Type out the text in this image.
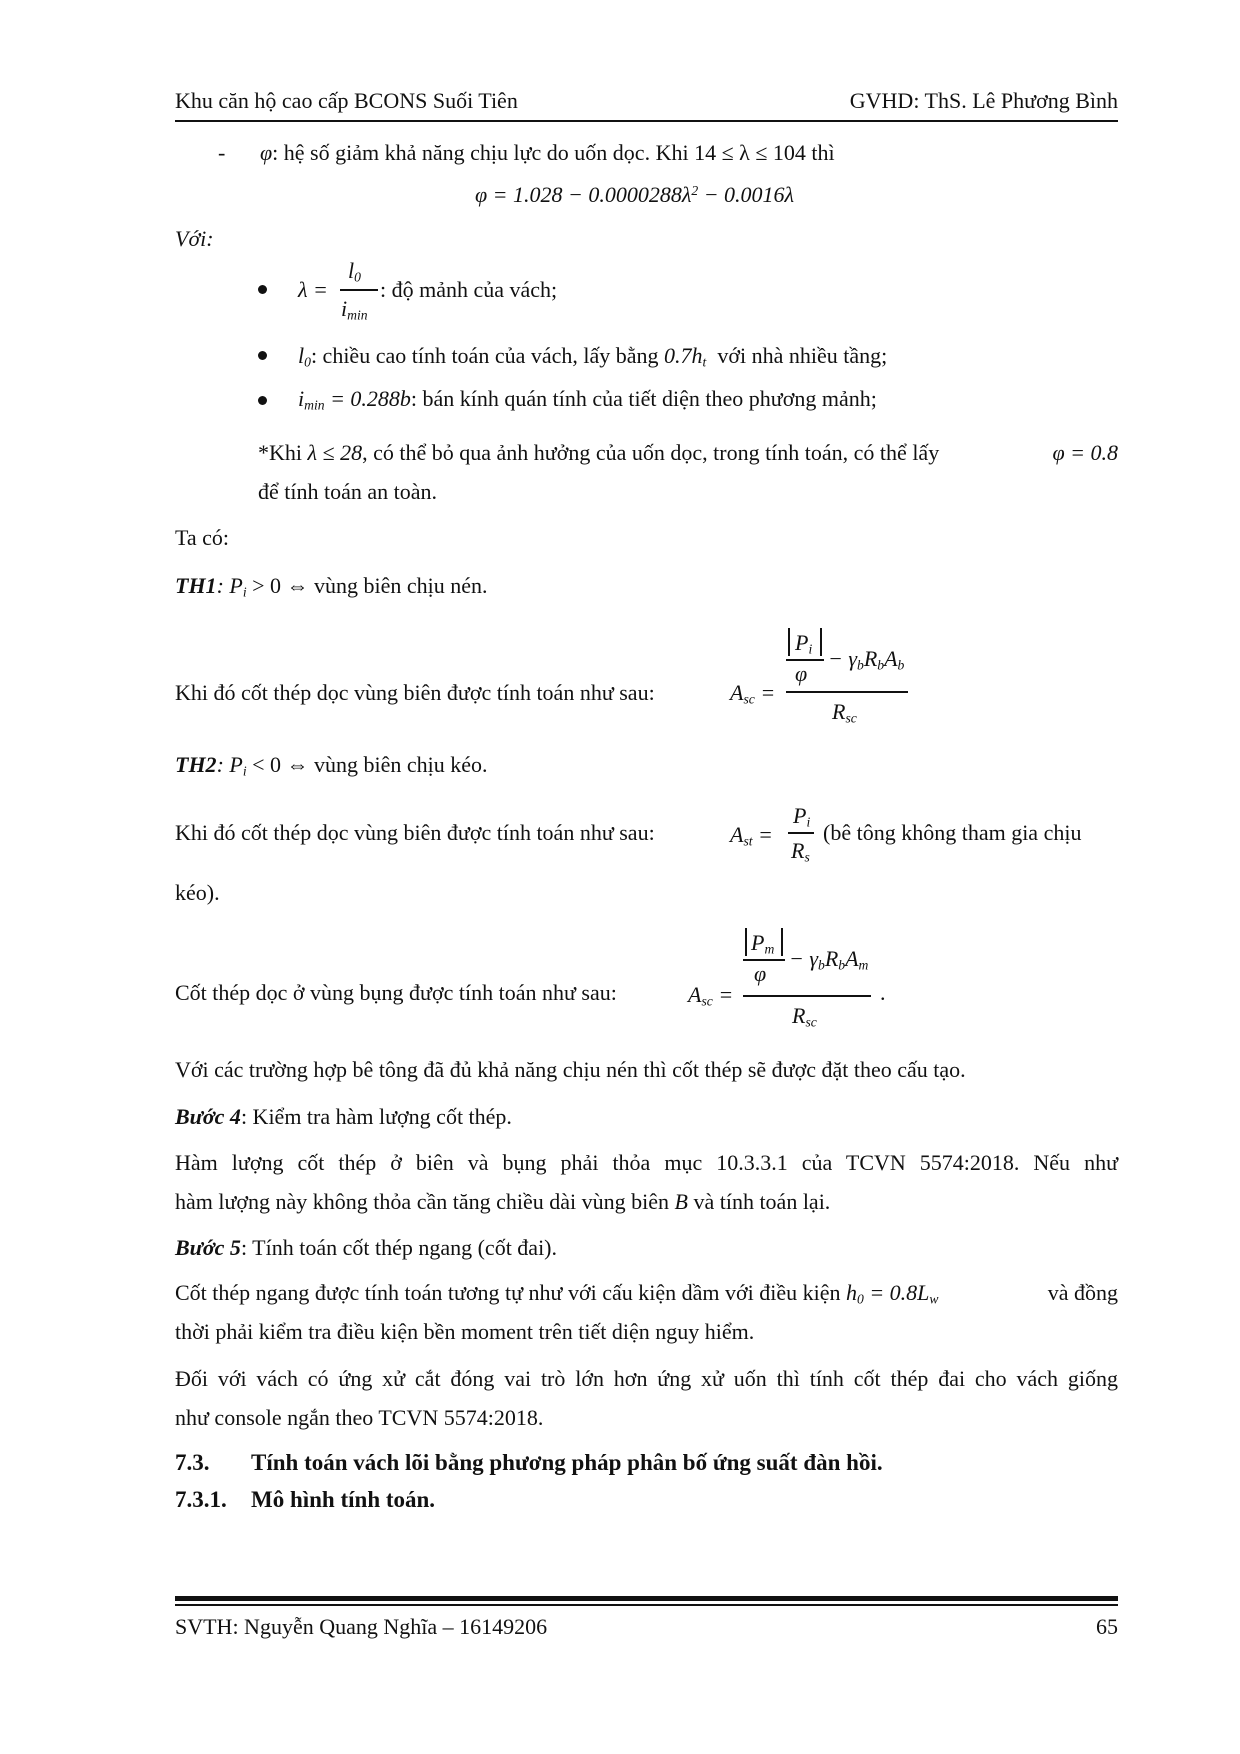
Khu căn hộ cao cấp BCONS Suối Tiên	GVHD: ThS. Lê Phương Bình
- φ: hệ số giảm khả năng chịu lực do uốn dọc. Khi 14 ≤ λ ≤ 104 thì
$\varphi = 1.028 - 0.0000288\lambda^2 - 0.0016\lambda$
Với:
λ =
$l_0$
$i_{min}$
: độ mảnh của vách;
$l_0$: chiều cao tính toán của vách, lấy bằng $0.7h_t$ với nhà nhiều tầng;
$i_{min} = 0.288b$: bán kính quán tính của tiết diện theo phương mảnh;
*Khi λ ≤ 28, có thể bỏ qua ảnh hưởng của uốn dọc, trong tính toán, có thể lấy	φ = 0.8
để tính toán an toàn.
Ta có:
TH1: $P_i > 0$ ⇔ vùng biên chịu nén.
Khi đó cốt thép dọc vùng biên được tính toán như sau:	$A_{sc}$ =
$P_i$
φ
− $\gamma_bR_bA_b$
$R_{sc}$
TH2: $P_i < 0$ ⇔ vùng biên chịu kéo.
Khi đó cốt thép dọc vùng biên được tính toán như sau:	$A_{st}$ =
$P_i$
$R_s$
(bê tông không tham gia chịu
kéo).
Cốt thép dọc ở vùng bụng được tính toán như sau:	$A_{sc}$ =
$P_m$
φ
− $\gamma_bR_bA_m$
$R_{sc}$
.
Với các trường hợp bê tông đã đủ khả năng chịu nén thì cốt thép sẽ được đặt theo cấu tạo.
Bước 4: Kiểm tra hàm lượng cốt thép.
Hàm lượng cốt thép ở biên và bụng phải thỏa mục 10.3.3.1 của TCVN 5574:2018. Nếu như
hàm lượng này không thỏa cần tăng chiều dài vùng biên B và tính toán lại.
Bước 5: Tính toán cốt thép ngang (cốt đai).
Cốt thép ngang được tính toán tương tự như với cấu kiện dầm với điều kiện $h_0 = 0.8L_w$	và đồng
thời phải kiểm tra điều kiện bền moment trên tiết diện nguy hiểm.
Đối với vách có ứng xử cắt đóng vai trò lớn hơn ứng xử uốn thì tính cốt thép đai cho vách giống
như console ngắn theo TCVN 5574:2018.
7.3. Tính toán vách lõi bằng phương pháp phân bố ứng suất đàn hồi.
7.3.1. Mô hình tính toán.
SVTH: Nguyễn Quang Nghĩa – 16149206	65
